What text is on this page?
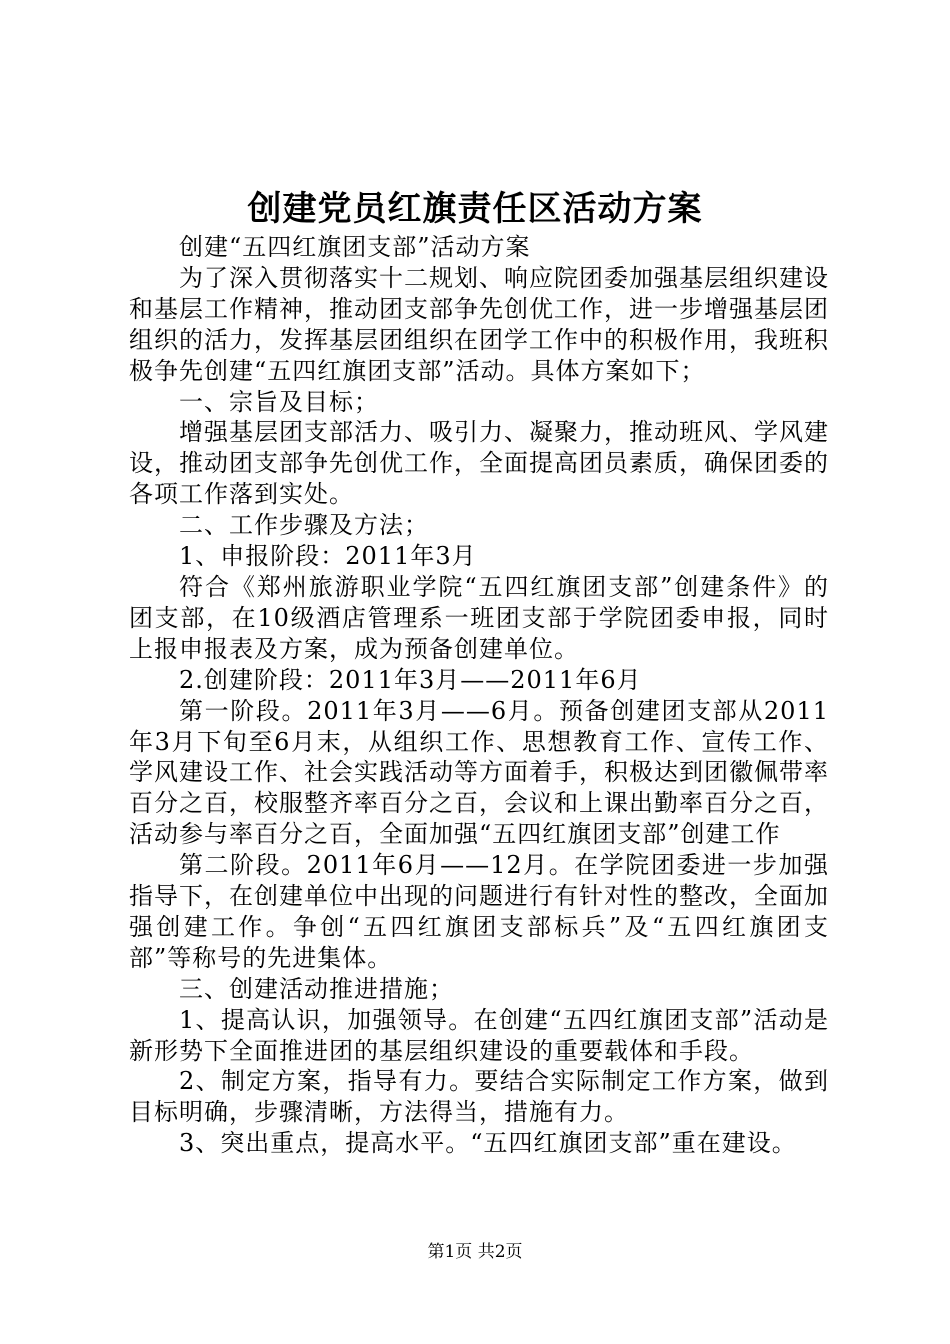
创建党员红旗责任区活动方案

创建“五四红旗团支部”活动方案

为了深入贯彻落实十二规划、响应院团委加强基层组织建设和基层工作精神，推动团支部争先创优工作，进一步增强基层团组织的活力，发挥基层团组织在团学工作中的积极作用，我班积极争先创建“五四红旗团支部”活动。具体方案如下；

一、宗旨及目标；

增强基层团支部活力、吸引力、凝聚力，推动班风、学风建设，推动团支部争先创优工作，全面提高团员素质，确保团委的各项工作落到实处。

二、工作步骤及方法；

1、申报阶段：2011年3月

符合《郑州旅游职业学院“五四红旗团支部”创建条件》的团支部，在10级酒店管理系一班团支部于学院团委申报，同时上报申报表及方案，成为预备创建单位。

2.创建阶段：2011年3月——2011年6月

第一阶段。2011年3月——6月。预备创建团支部从2011年3月下旬至6月末，从组织工作、思想教育工作、宣传工作、学风建设工作、社会实践活动等方面着手，积极达到团徽佩带率百分之百，校服整齐率百分之百，会议和上课出勤率百分之百，活动参与率百分之百，全面加强“五四红旗团支部”创建工作

第二阶段。2011年6月——12月。在学院团委进一步加强指导下，在创建单位中出现的问题进行有针对性的整改，全面加强创建工作。争创“五四红旗团支部标兵”及“五四红旗团支部”等称号的先进集体。

三、创建活动推进措施；

1、提高认识，加强领导。在创建“五四红旗团支部”活动是新形势下全面推进团的基层组织建设的重要载体和手段。

2、制定方案，指导有力。要结合实际制定工作方案，做到目标明确，步骤清晰，方法得当，措施有力。

3、突出重点，提高水平。“五四红旗团支部”重在建设。

第1页 共2页
